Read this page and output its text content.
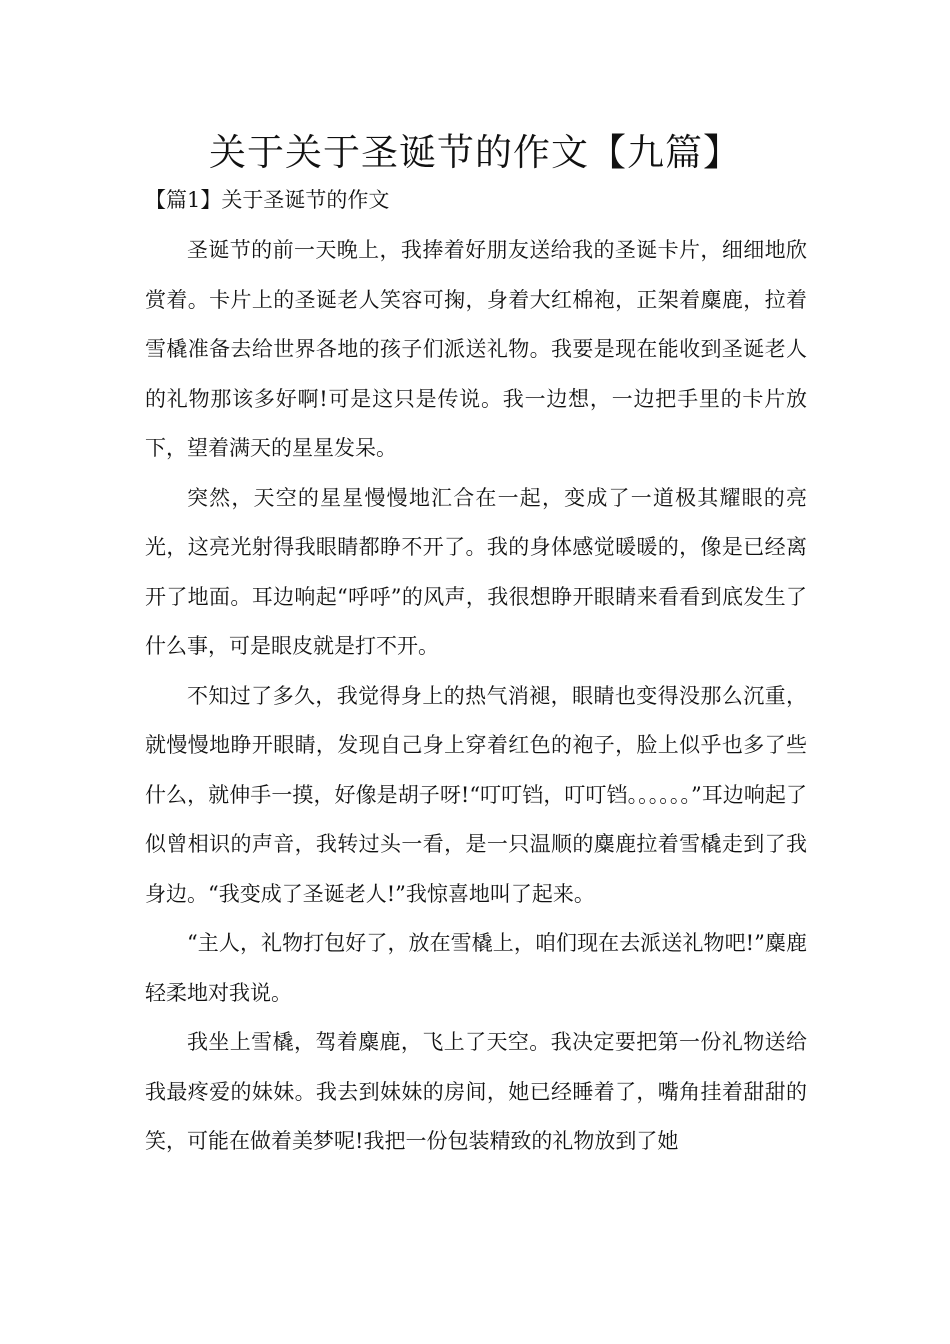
关于关于圣诞节的作文【九篇】

【篇1】关于圣诞节的作文

圣诞节的前一天晚上，我捧着好朋友送给我的圣诞卡片，细细地欣赏着。卡片上的圣诞老人笑容可掬，身着大红棉袍，正架着麋鹿，拉着雪橇准备去给世界各地的孩子们派送礼物。我要是现在能收到圣诞老人的礼物那该多好啊!可是这只是传说。我一边想，一边把手里的卡片放下，望着满天的星星发呆。

突然，天空的星星慢慢地汇合在一起，变成了一道极其耀眼的亮光，这亮光射得我眼睛都睁不开了。我的身体感觉暖暖的，像是已经离开了地面。耳边响起“呼呼”的风声，我很想睁开眼睛来看看到底发生了什么事，可是眼皮就是打不开。

不知过了多久，我觉得身上的热气消褪，眼睛也变得没那么沉重，就慢慢地睁开眼睛，发现自己身上穿着红色的袍子，脸上似乎也多了些什么，就伸手一摸，好像是胡子呀!“叮叮铛，叮叮铛。。。。。。”耳边响起了似曾相识的声音，我转过头一看，是一只温顺的麋鹿拉着雪橇走到了我身边。“我变成了圣诞老人!”我惊喜地叫了起来。

“主人，礼物打包好了，放在雪橇上，咱们现在去派送礼物吧!”麋鹿轻柔地对我说。

我坐上雪橇，驾着麋鹿，飞上了天空。我决定要把第一份礼物送给我最疼爱的妹妹。我去到妹妹的房间，她已经睡着了，嘴角挂着甜甜的笑，可能在做着美梦呢!我把一份包装精致的礼物放到了她
